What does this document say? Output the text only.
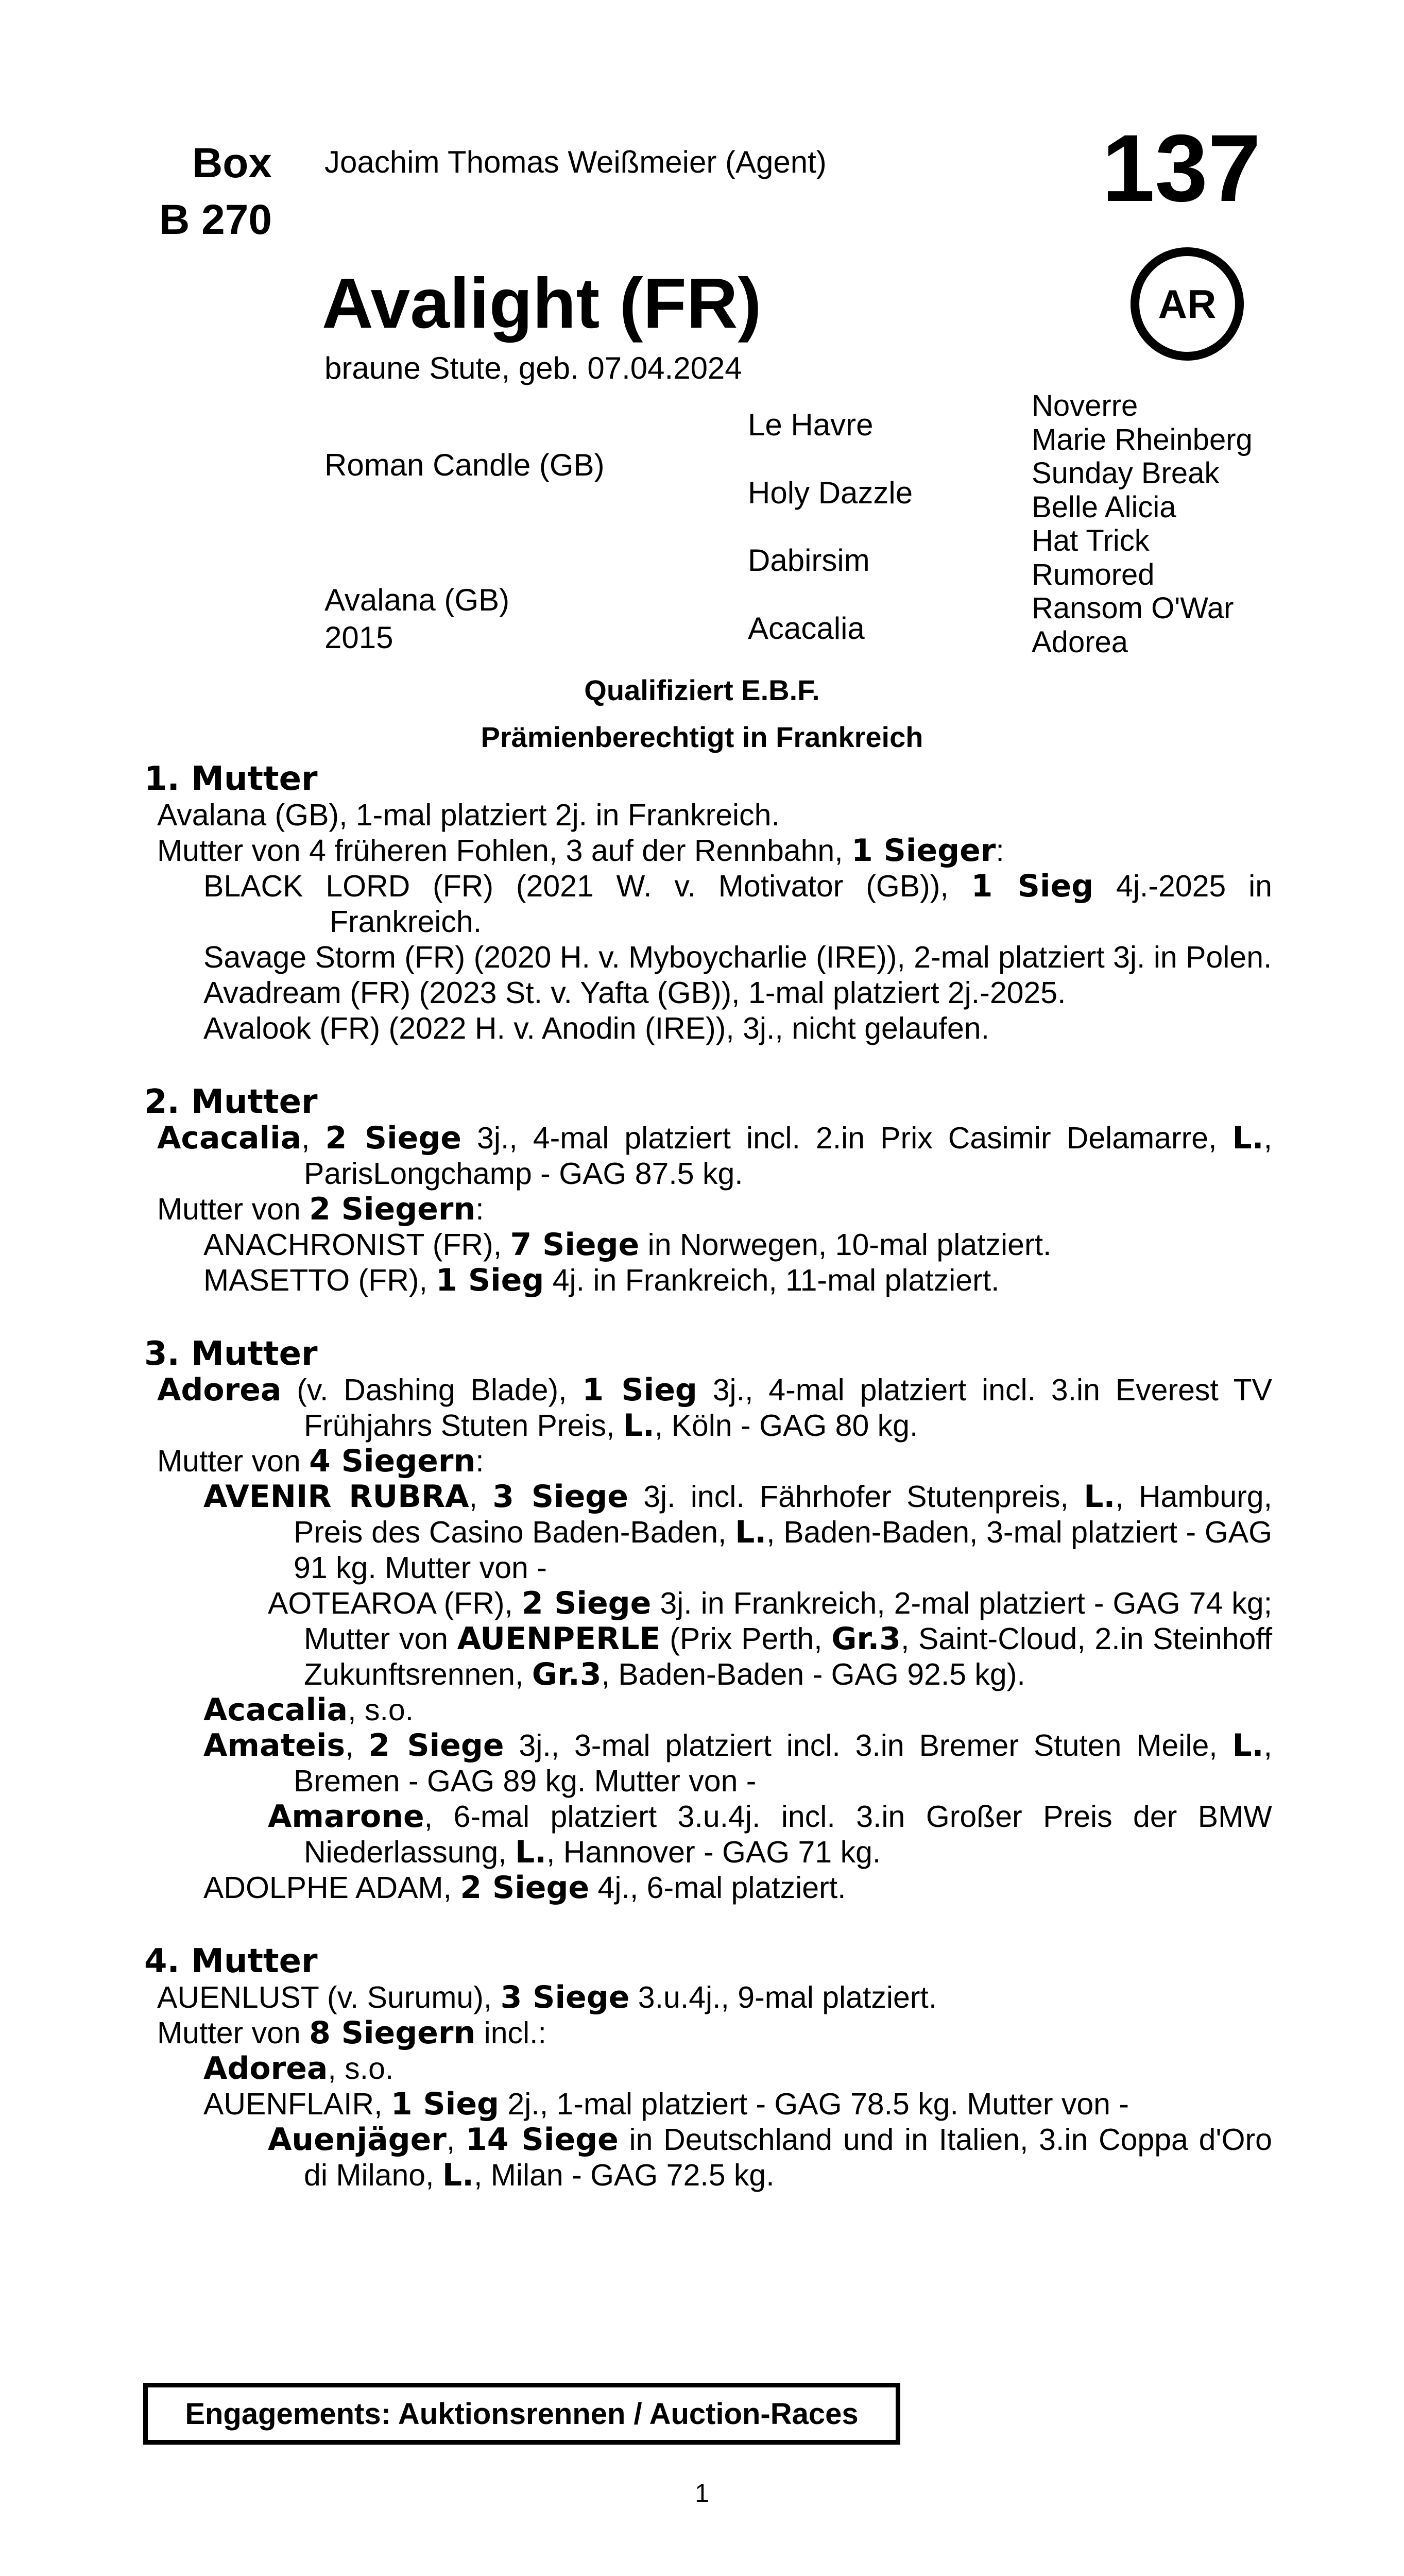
Box
B 270
Joachim Thomas Weißmeier (Agent)	137
AR
Avalight (FR)
braune Stute, geb. 07.04.2024
Roman Candle (GB)
Avalana (GB)
2015
Le Havre
Holy Dazzle
Dabirsim
Acacalia
Noverre
Marie Rheinberg
Sunday Break
Belle Alicia
Hat Trick
Rumored
Ransom O'War
Adorea
Qualifiziert E.B.F.
Prämienberechtigt in Frankreich

1. Mutter

Avalana (GB), 1-mal platziert 2j. in Frankreich.

Mutter von 4 früheren Fohlen, 3 auf der Rennbahn, 1 Sieger:

BLACK LORD (FR) (2021 W. v. Motivator (GB)), 1 Sieg 4j.-2025 in Frankreich.

Savage Storm (FR) (2020 H. v. Myboycharlie (IRE)), 2-mal platziert 3j. in Polen.

Avadream (FR) (2023 St. v. Yafta (GB)), 1-mal platziert 2j.-2025.

Avalook (FR) (2022 H. v. Anodin (IRE)), 3j., nicht gelaufen.

2. Mutter

Acacalia, 2 Siege 3j., 4-mal platziert incl. 2.in Prix Casimir Delamarre, L., ParisLongchamp - GAG 87.5 kg.

Mutter von 2 Siegern:

ANACHRONIST (FR), 7 Siege in Norwegen, 10-mal platziert.

MASETTO (FR), 1 Sieg 4j. in Frankreich, 11-mal platziert.

3. Mutter

Adorea (v. Dashing Blade), 1 Sieg 3j., 4-mal platziert incl. 3.in Everest TV Frühjahrs Stuten Preis, L., Köln - GAG 80 kg.

Mutter von 4 Siegern:

AVENIR RUBRA, 3 Siege 3j. incl. Fährhofer Stutenpreis, L., Hamburg, Preis des Casino Baden-Baden, L., Baden-Baden, 3-mal platziert - GAG 91 kg. Mutter von -

AOTEAROA (FR), 2 Siege 3j. in Frankreich, 2-mal platziert - GAG 74 kg; Mutter von AUENPERLE (Prix Perth, Gr.3, Saint-Cloud, 2.in Steinhoff Zukunftsrennen, Gr.3, Baden-Baden - GAG 92.5 kg).

Acacalia, s.o.

Amateis, 2 Siege 3j., 3-mal platziert incl. 3.in Bremer Stuten Meile, L., Bremen - GAG 89 kg. Mutter von -

Amarone, 6-mal platziert 3.u.4j. incl. 3.in Großer Preis der BMW Niederlassung, L., Hannover - GAG 71 kg.

ADOLPHE ADAM, 2 Siege 4j., 6-mal platziert.

4. Mutter

AUENLUST (v. Surumu), 3 Siege 3.u.4j., 9-mal platziert.

Mutter von 8 Siegern incl.:

Adorea, s.o.

AUENFLAIR, 1 Sieg 2j., 1-mal platziert - GAG 78.5 kg. Mutter von -

Auenjäger, 14 Siege in Deutschland und in Italien, 3.in Coppa d'Oro di Milano, L., Milan - GAG 72.5 kg.

Engagements: Auktionsrennen / Auction-Races
1
